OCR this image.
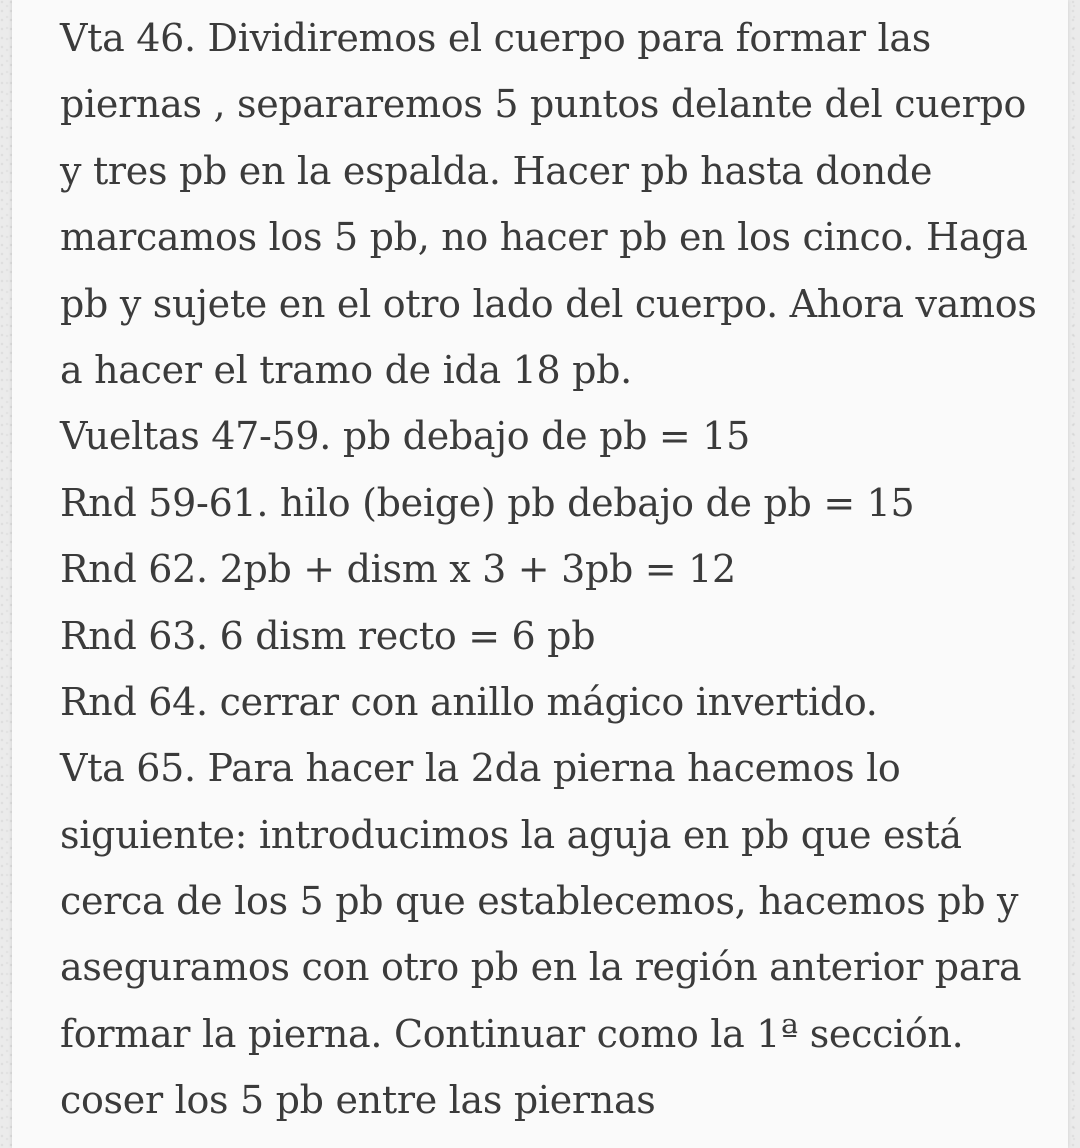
Vta 46. Dividiremos el cuerpo para formar las
piernas , separaremos 5 puntos delante del cuerpo
y tres pb en la espalda. Hacer pb hasta donde
marcamos los 5 pb, no hacer pb en los cinco. Haga
pb y sujete en el otro lado del cuerpo. Ahora vamos
a hacer el tramo de ida 18 pb.
Vueltas 47-59. pb debajo de pb = 15
Rnd 59-61. hilo (beige) pb debajo de pb = 15
Rnd 62. 2pb + dism x 3 + 3pb = 12
Rnd 63. 6 dism recto = 6 pb
Rnd 64. cerrar con anillo mágico invertido.
Vta 65. Para hacer la 2da pierna hacemos lo
siguiente: introducimos la aguja en pb que está
cerca de los 5 pb que establecemos, hacemos pb y
aseguramos con otro pb en la región anterior para
formar la pierna. Continuar como la 1ª sección.
coser los 5 pb entre las piernas
